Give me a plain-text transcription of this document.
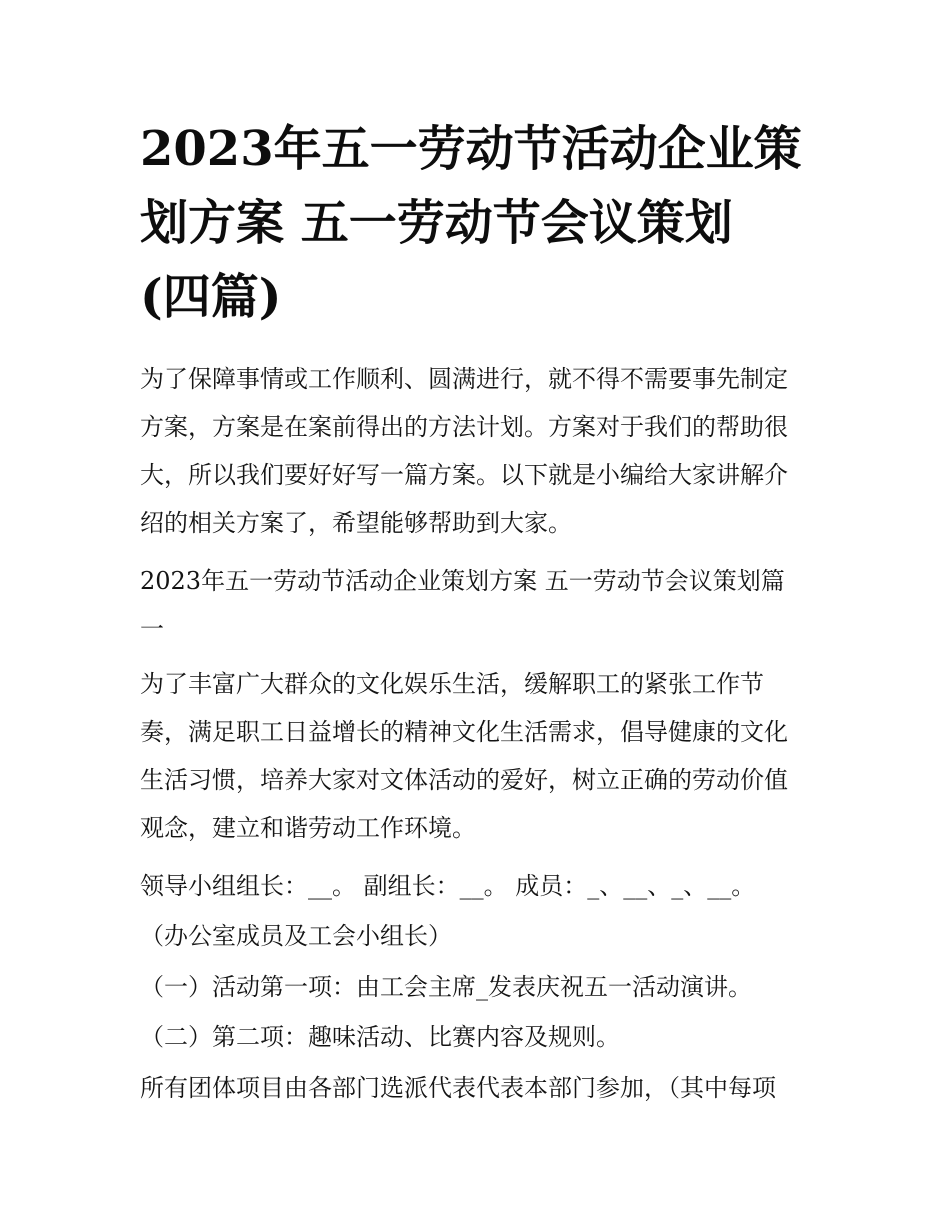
2023年五一劳动节活动企业策
划方案 五一劳动节会议策划
(四篇)

为了保障事情或工作顺利、圆满进行，就不得不需要事先制定
方案，方案是在案前得出的方法计划。方案对于我们的帮助很
大，所以我们要好好写一篇方案。以下就是小编给大家讲解介
绍的相关方案了，希望能够帮助到大家。

2023年五一劳动节活动企业策划方案 五一劳动节会议策划篇
一

为了丰富广大群众的文化娱乐生活，缓解职工的紧张工作节
奏，满足职工日益增长的精神文化生活需求，倡导健康的文化
生活习惯，培养大家对文体活动的爱好，树立正确的劳动价值
观念，建立和谐劳动工作环境。

领导小组组长：__。 副组长：__。 成员：_、__、_、__。

（办公室成员及工会小组长）

（一）活动第一项：由工会主席_发表庆祝五一活动演讲。

（二）第二项：趣味活动、比赛内容及规则。

所有团体项目由各部门选派代表代表本部门参加，（其中每项
